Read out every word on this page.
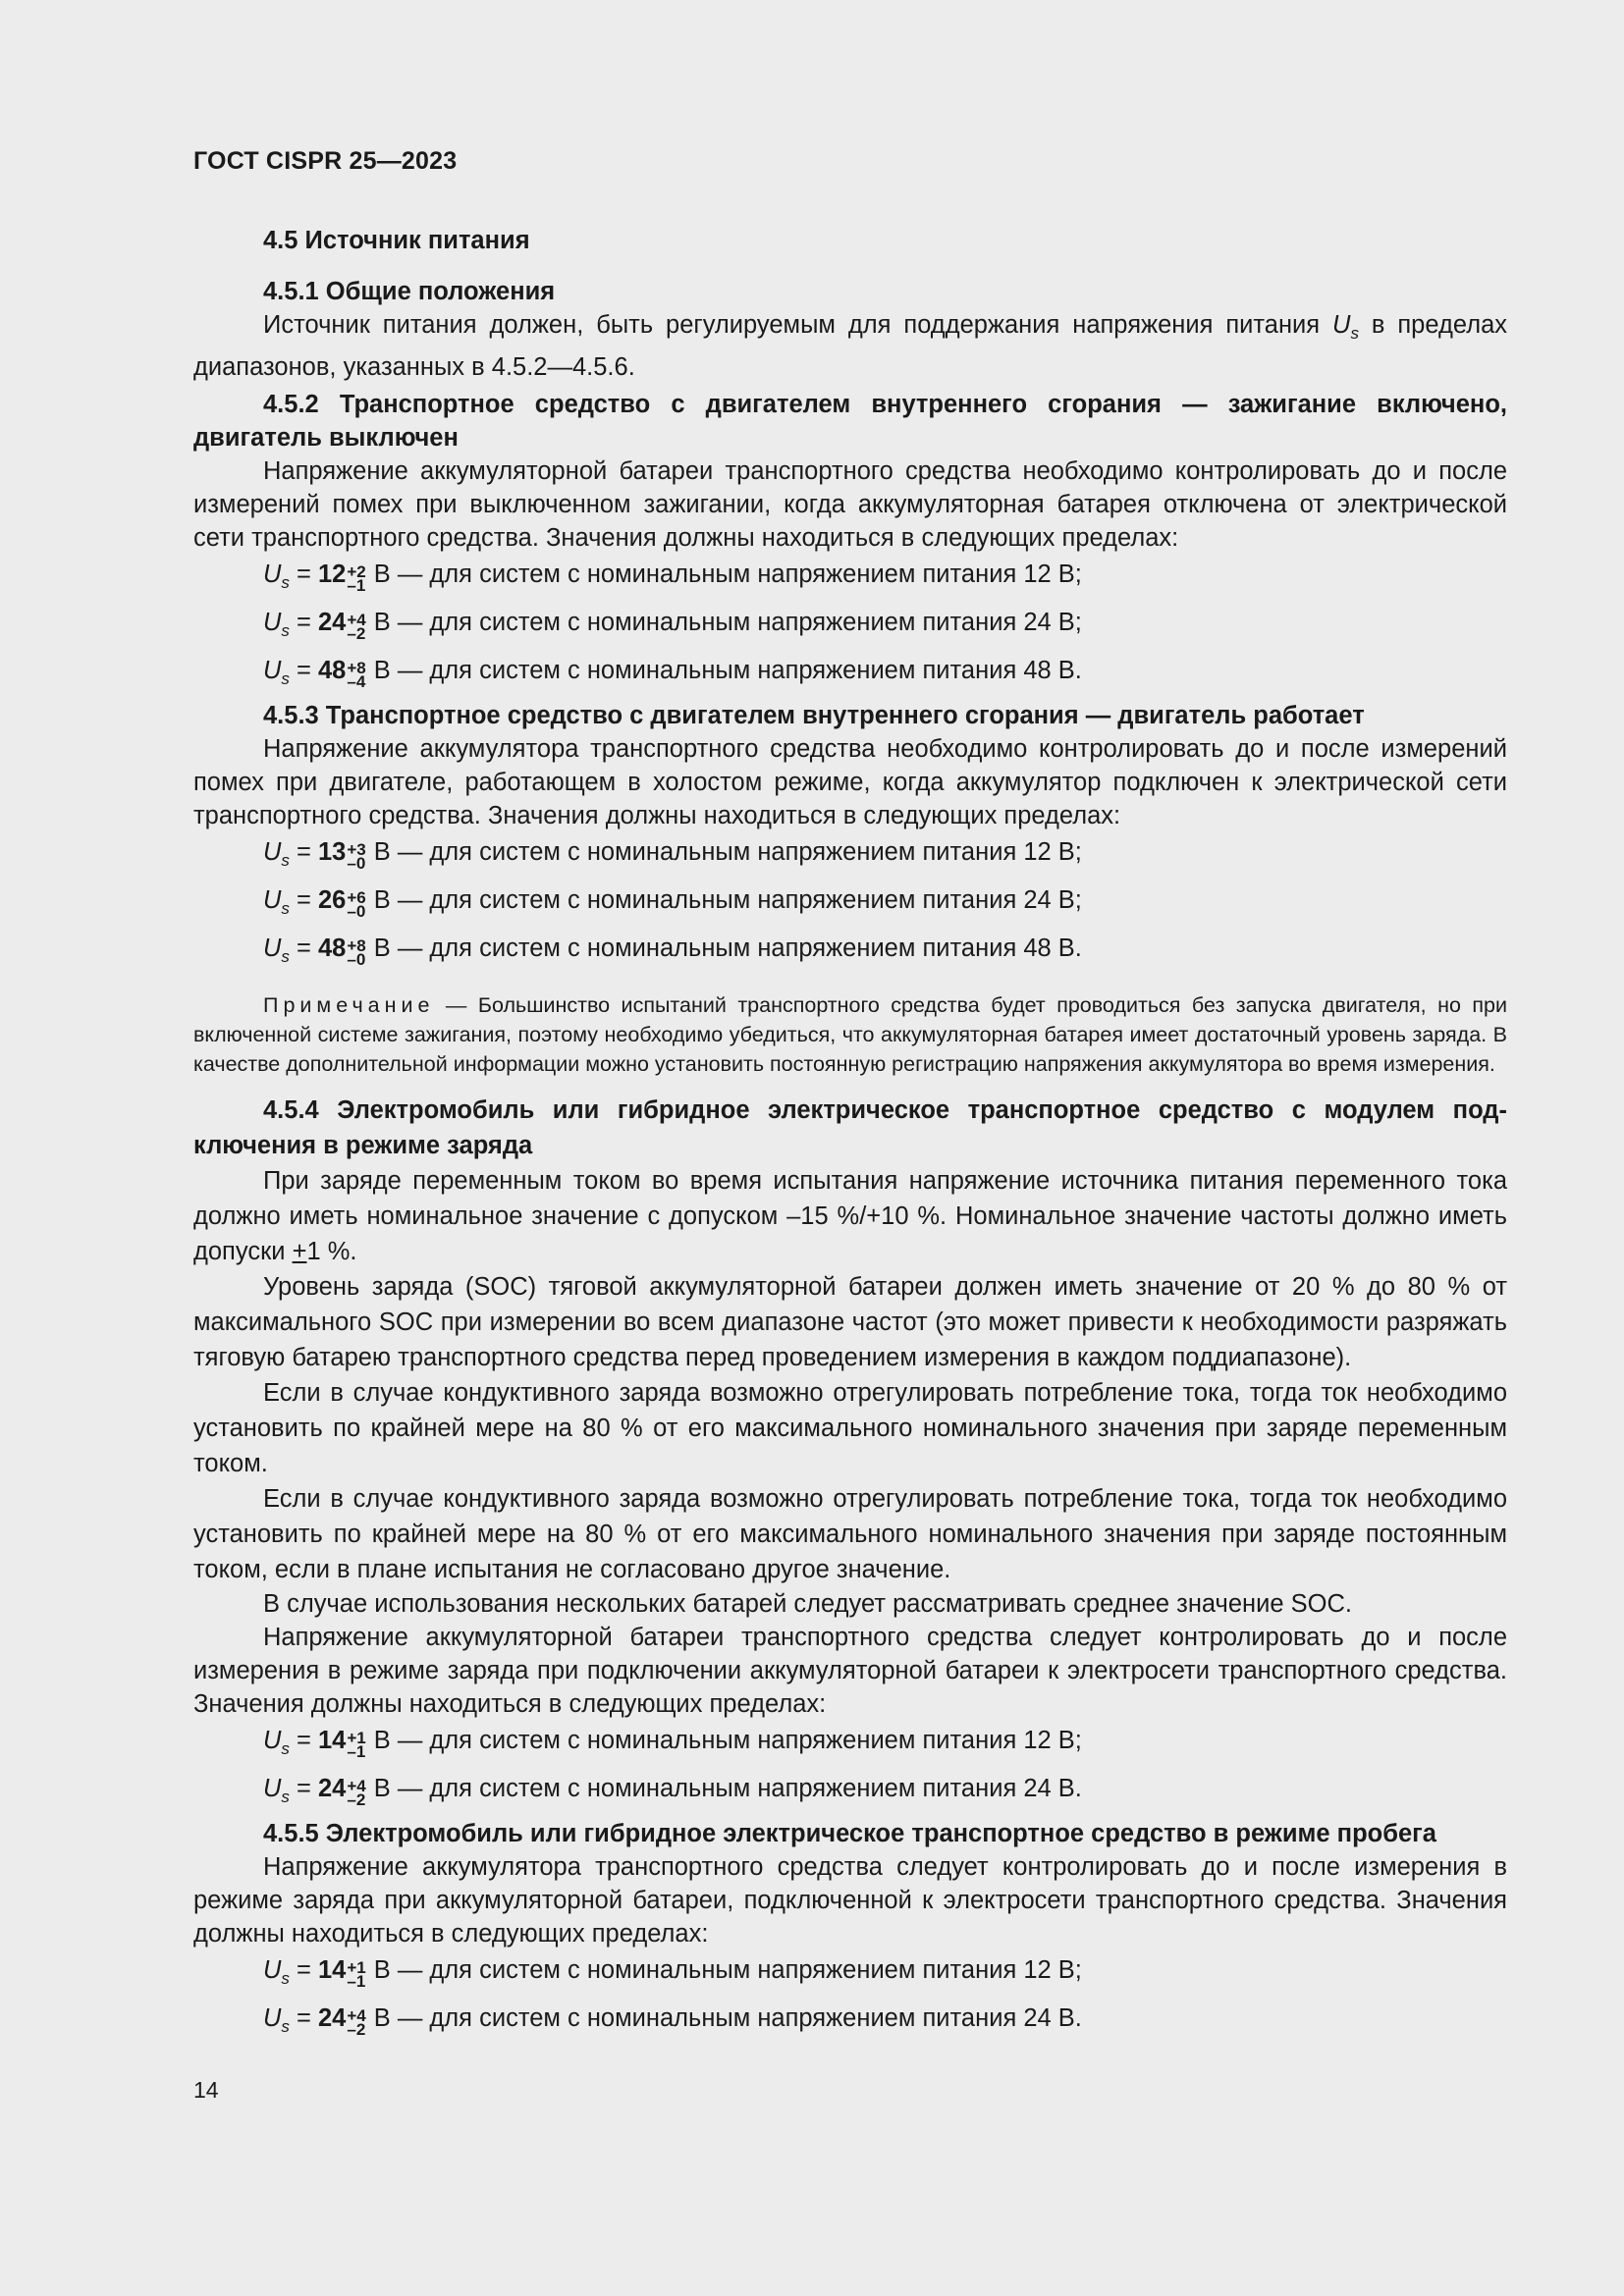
ГОСТ CISPR 25—2023

4.5 Источник питания

4.5.1 Общие положения

Источник питания должен, быть регулируемым для поддержания напряжения питания $U_s$ в пределах диапазонов, указанных в 4.5.2—4.5.6.

4.5.2 Транспортное средство с двигателем внутреннего сгорания — зажигание включено, двигатель выключен

Напряжение аккумуляторной батареи транспортного средства необходимо контролировать до и после измерений помех при выключенном зажигании, когда аккумуляторная батарея отключена от электрической сети транспортного средства. Значения должны находиться в следующих пределах:

$U_s = 12 +2$
–1 В — для систем с номинальным напряжением питания 12 В;

$U_s = 24 +4$
–2 В — для систем с номинальным напряжением питания 24 В;

$U_s = 48 +8$
–4 В — для систем с номинальным напряжением питания 48 В.

4.5.3 Транспортное средство с двигателем внутреннего сгорания — двигатель работает

Напряжение аккумулятора транспортного средства необходимо контролировать до и после измерений помех при двигателе, работающем в холостом режиме, когда аккумулятор подключен к электрической сети транспортного средства. Значения должны находиться в следующих пределах:

$U_s = 13 +3$
–0 В — для систем с номинальным напряжением питания 12 В;

$U_s = 26 +6$
–0 В — для систем с номинальным напряжением питания 24 В;

$U_s = 48 +8$
–0 В — для систем с номинальным напряжением питания 48 В.

Примечание — Большинство испытаний транспортного средства будет проводиться без запуска двигателя, но при включенной системе зажигания, поэтому необходимо убедиться, что аккумуляторная батарея имеет достаточный уровень заряда. В качестве дополнительной информации можно установить постоянную регистрацию напряжения аккумулятора во время измерения.

4.5.4 Электромобиль или гибридное электрическое транспортное средство с модулем подключения в режиме заряда

При заряде переменным током во время испытания напряжение источника питания переменного тока должно иметь номинальное значение с допуском –15 %/+10 %. Номинальное значение частоты должно иметь допуски +1 %.

Уровень заряда (SOC) тяговой аккумуляторной батареи должен иметь значение от 20 % до 80 % от максимального SOC при измерении во всем диапазоне частот (это может привести к необходимости разряжать тяговую батарею транспортного средства перед проведением измерения в каждом поддиапазоне).

Если в случае кондуктивного заряда возможно отрегулировать потребление тока, тогда ток необходимо установить по крайней мере на 80 % от его максимального номинального значения при заряде переменным током.

Если в случае кондуктивного заряда возможно отрегулировать потребление тока, тогда ток необходимо установить по крайней мере на 80 % от его максимального номинального значения при заряде постоянным током, если в плане испытания не согласовано другое значение.

В случае использования нескольких батарей следует рассматривать среднее значение SOC.

Напряжение аккумуляторной батареи транспортного средства следует контролировать до и после измерения в режиме заряда при подключении аккумуляторной батареи к электросети транспортного средства. Значения должны находиться в следующих пределах:

$U_s = 14 +1$
–1 В — для систем с номинальным напряжением питания 12 В;

$U_s = 24 +4$
–2 В — для систем с номинальным напряжением питания 24 В.

4.5.5 Электромобиль или гибридное электрическое транспортное средство в режиме пробега

Напряжение аккумулятора транспортного средства следует контролировать до и после измерения в режиме заряда при аккумуляторной батареи, подключенной к электросети транспортного средства. Значения должны находиться в следующих пределах:

$U_s = 14 +1$
–1 В — для систем с номинальным напряжением питания 12 В;

$U_s = 24 +4$
–2 В — для систем с номинальным напряжением питания 24 В.

14
